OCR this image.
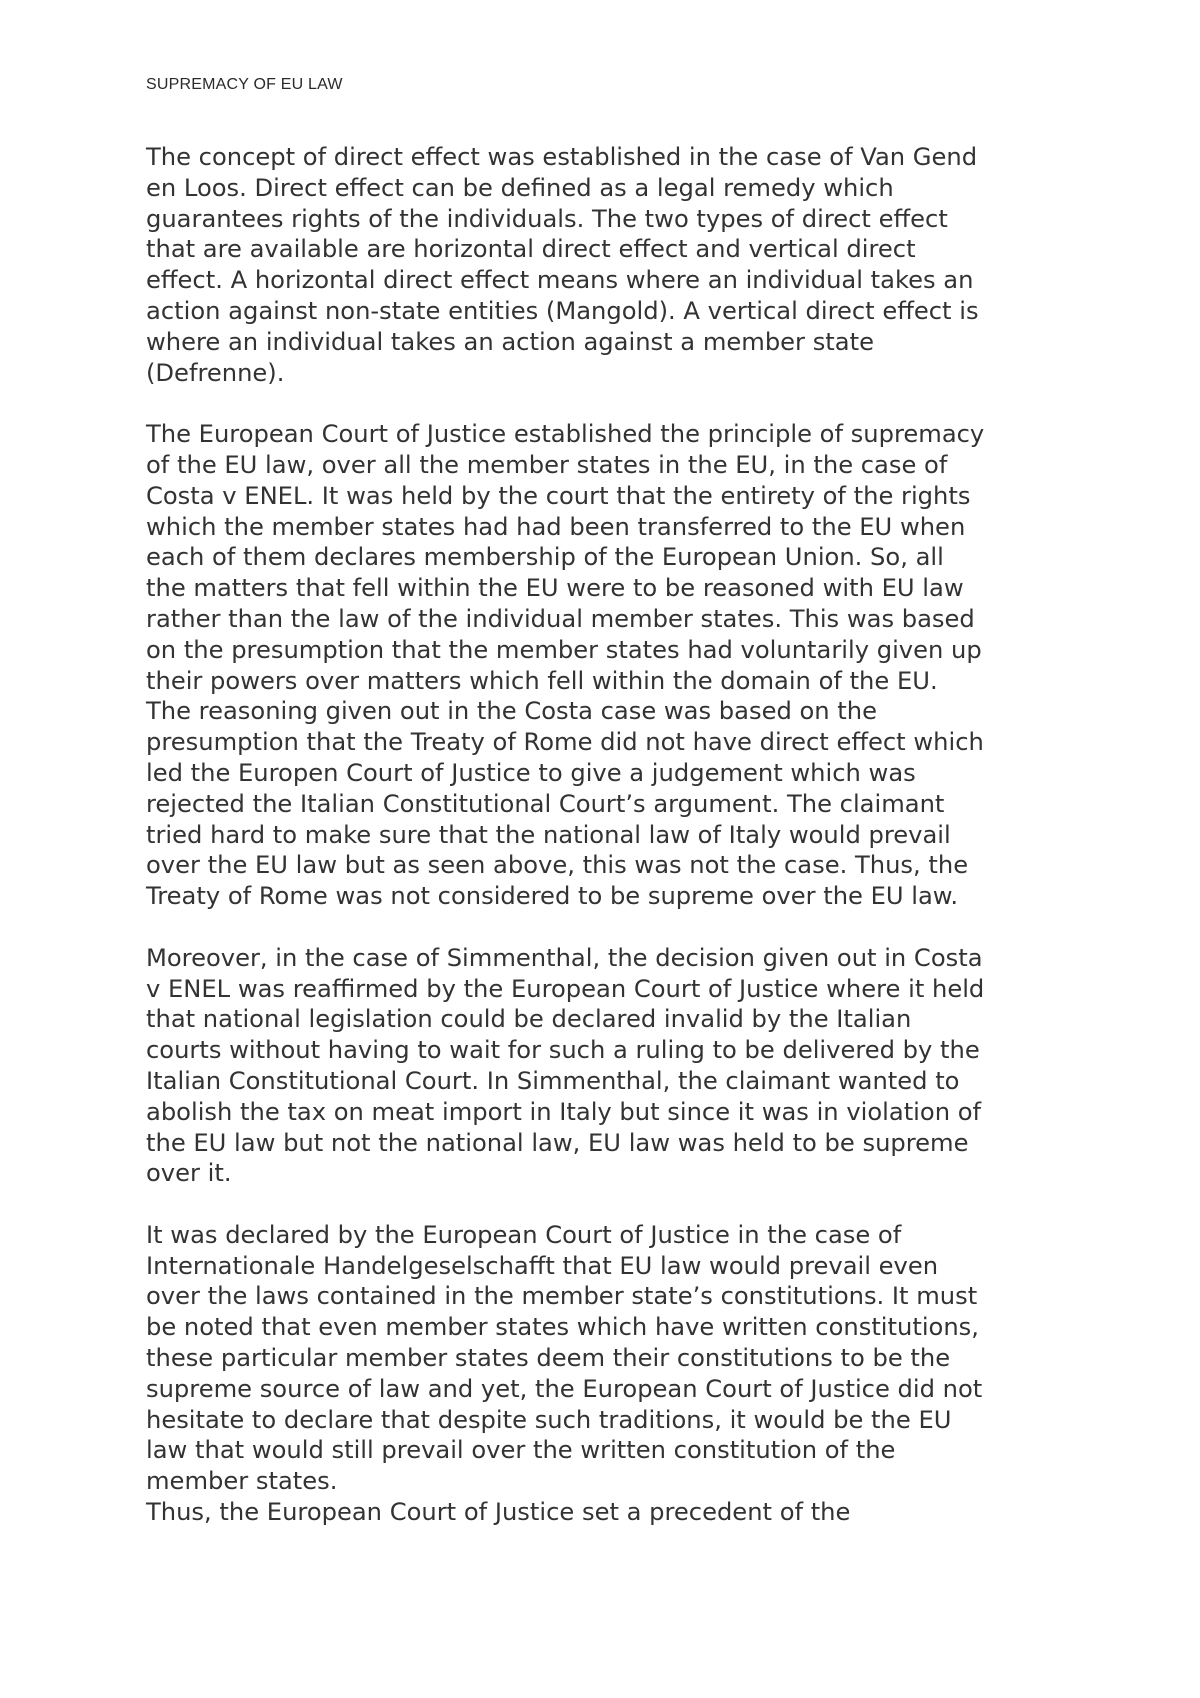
SUPREMACY OF EU LAW

The concept of direct effect was established in the case of Van Gend
en Loos. Direct effect can be defined as a legal remedy which
guarantees rights of the individuals. The two types of direct effect
that are available are horizontal direct effect and vertical direct
effect. A horizontal direct effect means where an individual takes an
action against non-state entities (Mangold). A vertical direct effect is
where an individual takes an action against a member state
(Defrenne).

The European Court of Justice established the principle of supremacy
of the EU law, over all the member states in the EU, in the case of
Costa v ENEL. It was held by the court that the entirety of the rights
which the member states had had been transferred to the EU when
each of them declares membership of the European Union. So, all
the matters that fell within the EU were to be reasoned with EU law
rather than the law of the individual member states. This was based
on the presumption that the member states had voluntarily given up
their powers over matters which fell within the domain of the EU.
The reasoning given out in the Costa case was based on the
presumption that the Treaty of Rome did not have direct effect which
led the Europen Court of Justice to give a judgement which was
rejected the Italian Constitutional Court’s argument. The claimant
tried hard to make sure that the national law of Italy would prevail
over the EU law but as seen above, this was not the case. Thus, the
Treaty of Rome was not considered to be supreme over the EU law.

Moreover, in the case of Simmenthal, the decision given out in Costa
v ENEL was reaffirmed by the European Court of Justice where it held
that national legislation could be declared invalid by the Italian
courts without having to wait for such a ruling to be delivered by the
Italian Constitutional Court. In Simmenthal, the claimant wanted to
abolish the tax on meat import in Italy but since it was in violation of
the EU law but not the national law, EU law was held to be supreme
over it.

It was declared by the European Court of Justice in the case of
Internationale Handelgeselschafft that EU law would prevail even
over the laws contained in the member state’s constitutions. It must
be noted that even member states which have written constitutions,
these particular member states deem their constitutions to be the
supreme source of law and yet, the European Court of Justice did not
hesitate to declare that despite such traditions, it would be the EU
law that would still prevail over the written constitution of the
member states.

Thus, the European Court of Justice set a precedent of the
